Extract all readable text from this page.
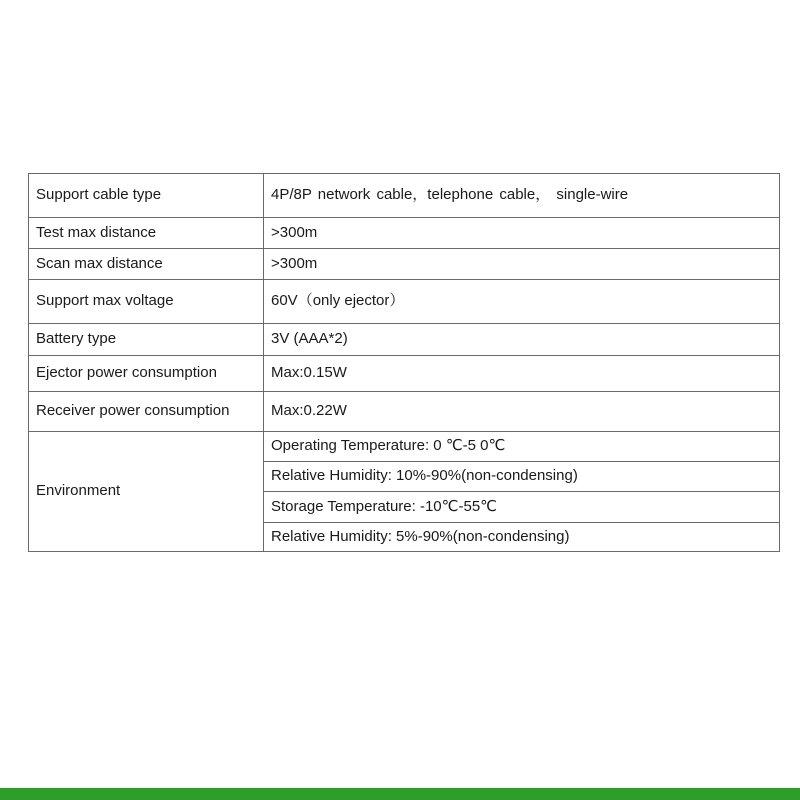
Support cable type	4P/8P network cable，telephone cable， single-wire
Test max distance	>300m
Scan max distance	>300m
Support max voltage	60V（only ejector）
Battery type	3V (AAA*2)
Ejector power consumption	Max:0.15W
Receiver power consumption	Max:0.22W
Environment	Operating Temperature: 0 ℃-5 0℃
	Relative Humidity: 10%-90%(non-condensing)
	Storage Temperature: -10℃-55℃
	Relative Humidity: 5%-90%(non-condensing)
